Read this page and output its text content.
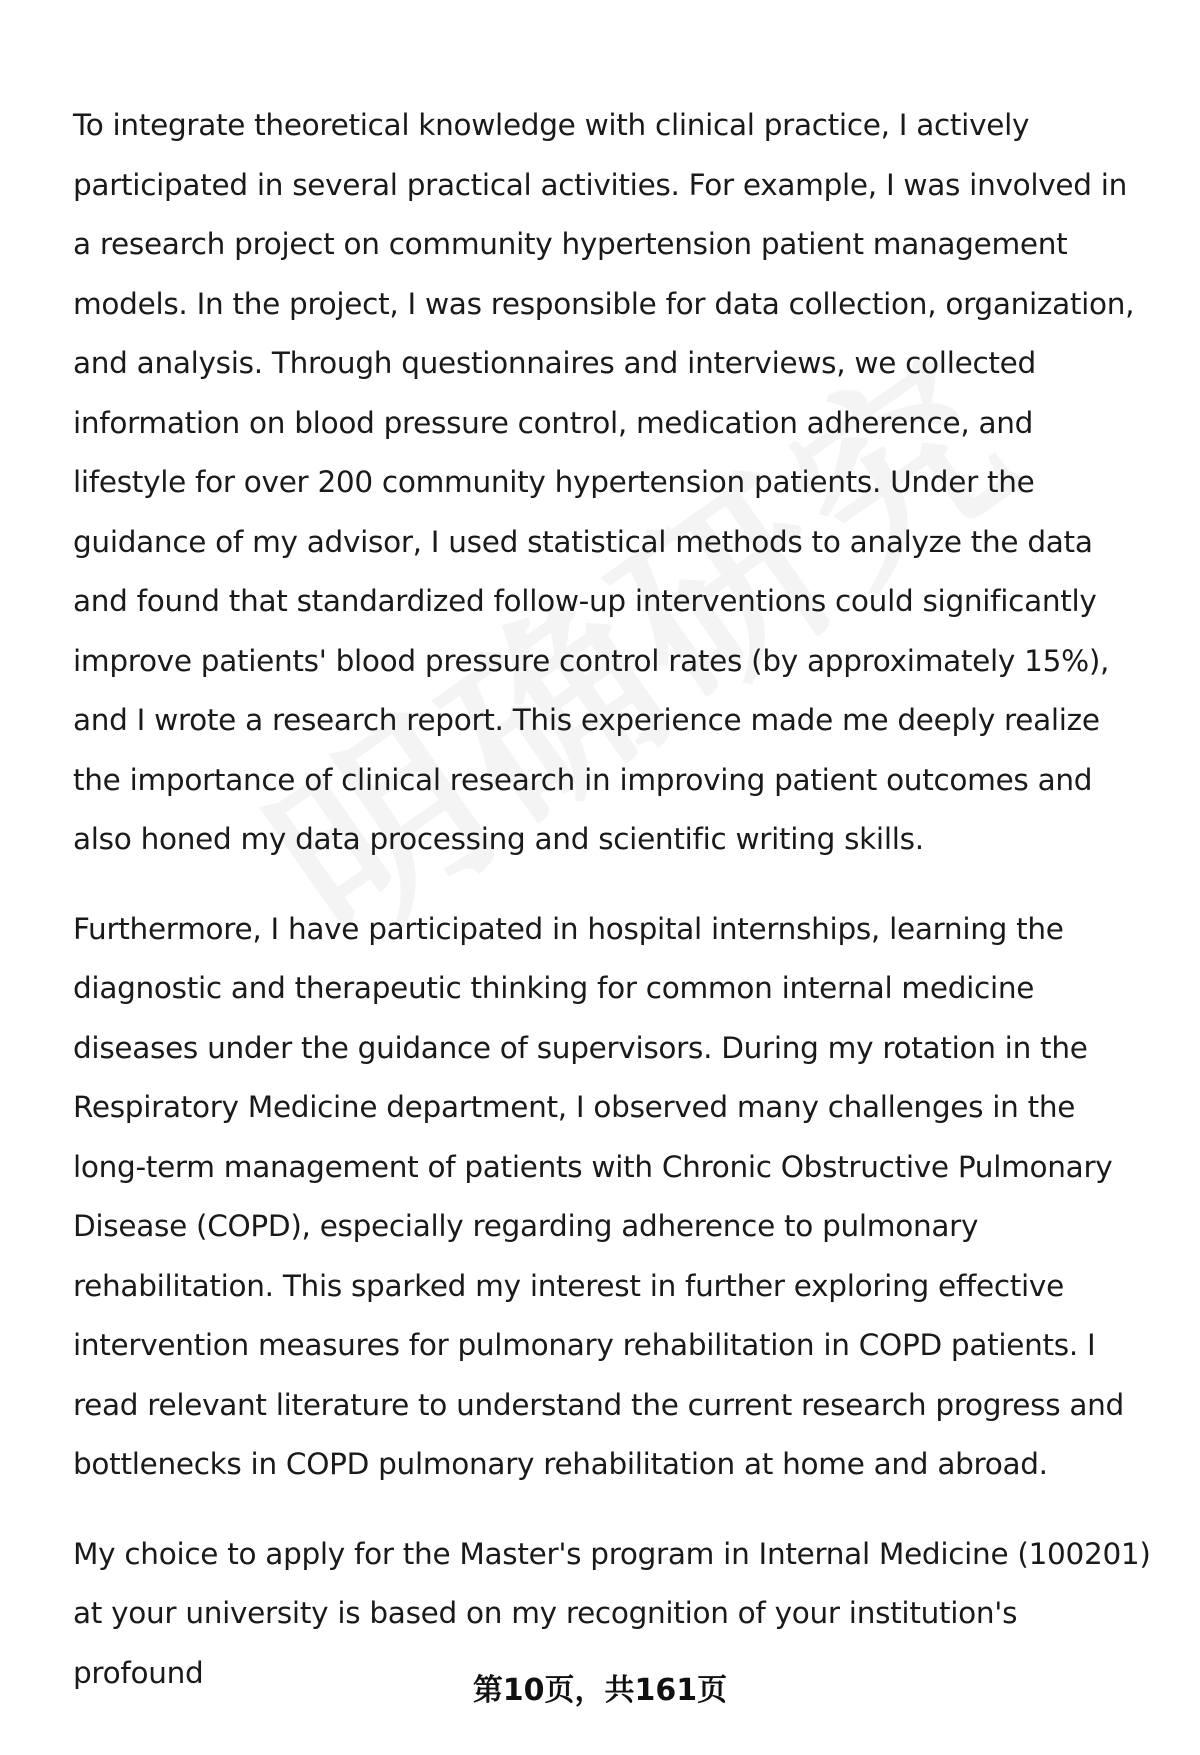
To integrate theoretical knowledge with clinical practice, I actively participated in several practical activities. For example, I was involved in a research project on community hypertension patient management models. In the project, I was responsible for data collection, organization, and analysis. Through questionnaires and interviews, we collected information on blood pressure control, medication adherence, and lifestyle for over 200 community hypertension patients. Under the guidance of my advisor, I used statistical methods to analyze the data and found that standardized follow-up interventions could significantly improve patients' blood pressure control rates (by approximately 15%), and I wrote a research report. This experience made me deeply realize the importance of clinical research in improving patient outcomes and also honed my data processing and scientific writing skills.

Furthermore, I have participated in hospital internships, learning the diagnostic and therapeutic thinking for common internal medicine diseases under the guidance of supervisors. During my rotation in the Respiratory Medicine department, I observed many challenges in the long-term management of patients with Chronic Obstructive Pulmonary Disease (COPD), especially regarding adherence to pulmonary rehabilitation. This sparked my interest in further exploring effective intervention measures for pulmonary rehabilitation in COPD patients. I read relevant literature to understand the current research progress and bottlenecks in COPD pulmonary rehabilitation at home and abroad.

My choice to apply for the Master's program in Internal Medicine (100201) at your university is based on my recognition of your institution's profound

第10页，共161页
